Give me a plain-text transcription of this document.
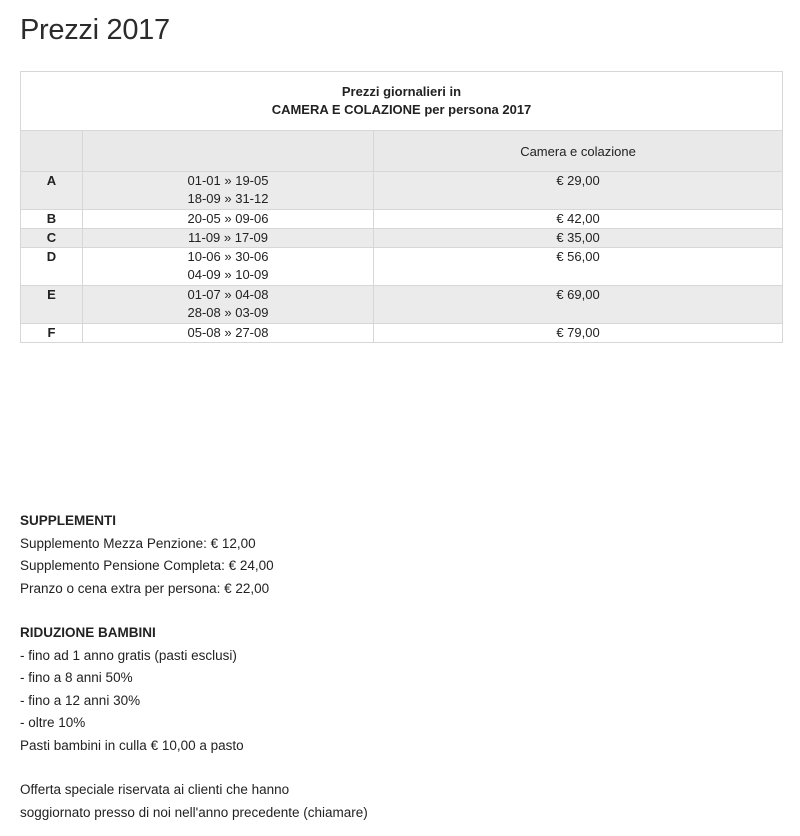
Prezzi 2017
Prezzi giornalieri in
CAMERA E COLAZIONE per persona 2017		

		Camera e colazione
A	01-01 » 19-05
18-09 » 31-12	€ 29,00
B	20-05 » 09-06	€ 42,00
C	11-09 » 17-09	€ 35,00
D	10-06 » 30-06
04-09 » 10-09	€ 56,00
E	01-07 » 04-08
28-08 » 03-09	€ 69,00
F	05-08 » 27-08	€ 79,00

SUPPLEMENTI

Supplemento Mezza Penzione: € 12,00

Supplemento Pensione Completa: € 24,00

Pranzo o cena extra per persona: € 22,00

RIDUZIONE BAMBINI

- fino ad 1 anno gratis (pasti esclusi)

- fino a 8 anni 50%

- fino a 12 anni 30%

- oltre 10%

Pasti bambini in culla € 10,00 a pasto

Offerta speciale riservata ai clienti che hanno

soggiornato presso di noi nell'anno precedente (chiamare)
